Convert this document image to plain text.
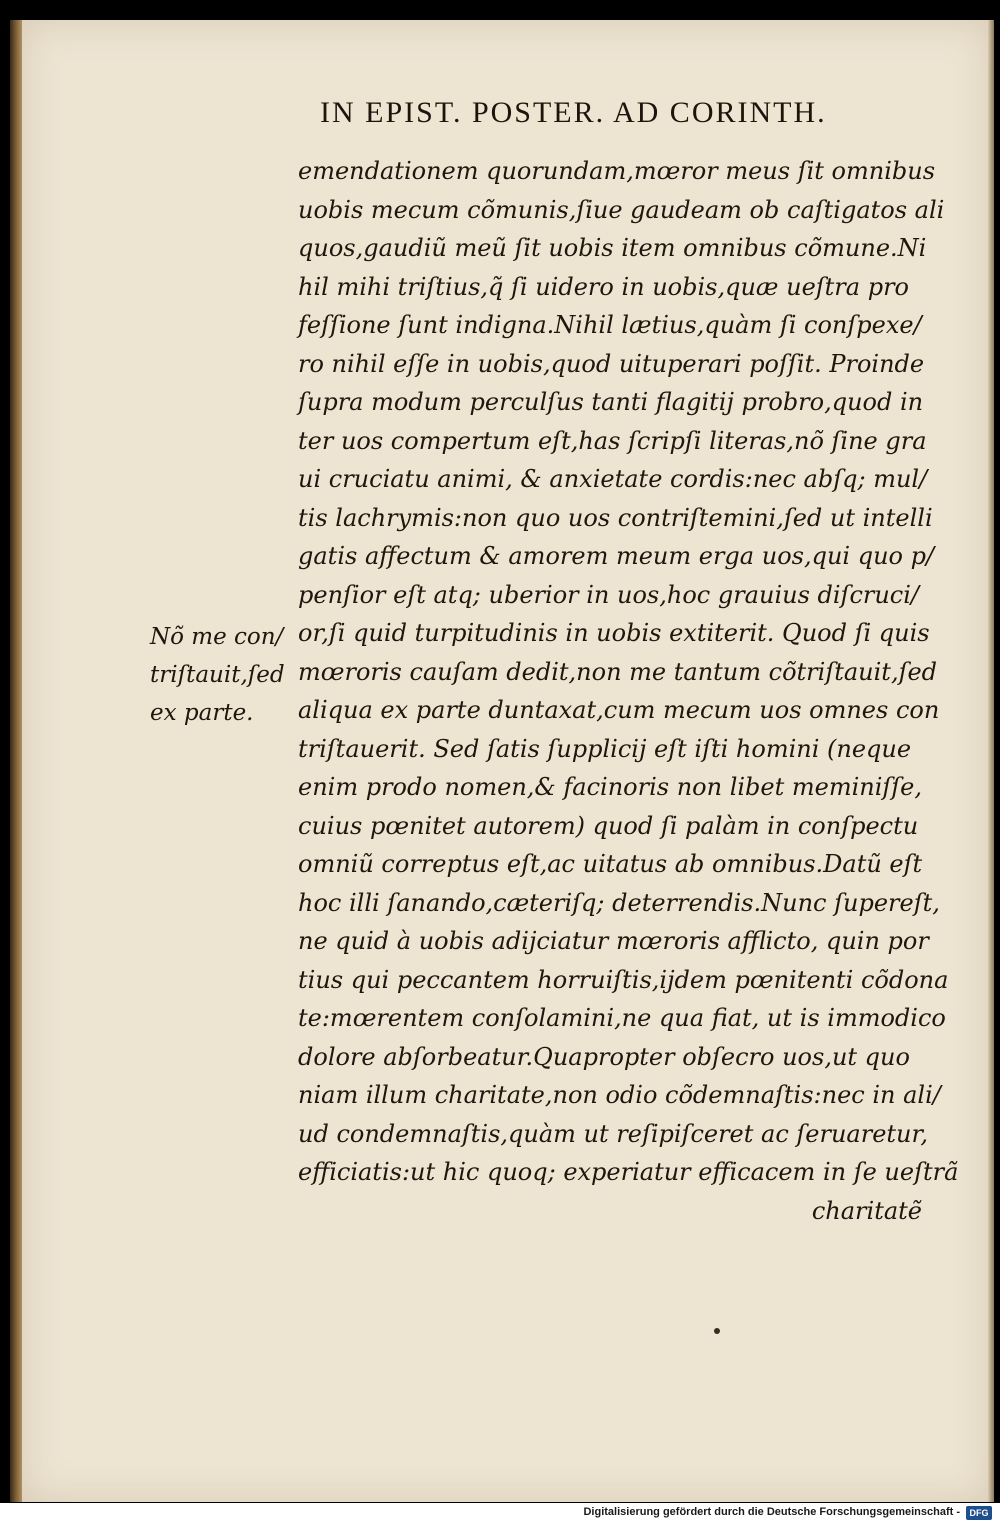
IN EPIST. POSTER. AD CORINTH.
Nõ me con/
triſtauit,ſed
ex parte.
emendationem quorundam,mœror meus ſit omnibus
uobis mecum cõmunis,ſiue gaudeam ob caſtigatos ali
quos,gaudiũ meũ ſit uobis item omnibus cõmune.Ni
hil mihi triſtius,q̃ ſi uidero in uobis,quæ ueſtra pro
feſſione ſunt indigna.Nihil lætius,quàm ſi conſpexe/
ro nihil eſſe in uobis,quod uituperari poſſit. Proinde
ſupra modum perculſus tanti flagitij probro,quod in
ter uos compertum eſt,has ſcripſi literas,nõ ſine gra
ui cruciatu animi, & anxietate cordis:nec abſq; mul/
tis lachrymis:non quo uos contriſtemini,ſed ut intelli
gatis affectum & amorem meum erga uos,qui quo p/
penſior eſt atq; uberior in uos,hoc grauius diſcruci/
or,ſi quid turpitudinis in uobis extiterit. Quod ſi quis
mœroris cauſam dedit,non me tantum cõtriſtauit,ſed
aliqua ex parte duntaxat,cum mecum uos omnes con
triſtauerit. Sed ſatis ſupplicij eſt iſti homini (neque
enim prodo nomen,& facinoris non libet meminiſſe,
cuius pœnitet autorem) quod ſi palàm in conſpectu
omniũ correptus eſt,ac uitatus ab omnibus.Datũ eſt
hoc illi ſanando,cæteriſq; deterrendis.Nunc ſupereſt,
ne quid à uobis adijciatur mœroris afflicto, quin por
tius qui peccantem horruiſtis,ijdem pœnitenti cõdona
te:mœrentem conſolamini,ne qua fiat, ut is immodico
dolore abſorbeatur.Quapropter obſecro uos,ut quo
niam illum charitate,non odio cõdemnaſtis:nec in ali/
ud condemnaſtis,quàm ut reſipiſceret ac ſeruaretur,
efficiatis:ut hic quoq; experiatur efficacem in ſe ueſtrã
charitatẽ
Digitalisierung gefördert durch die Deutsche Forschungsgemeinschaft -	DFG
